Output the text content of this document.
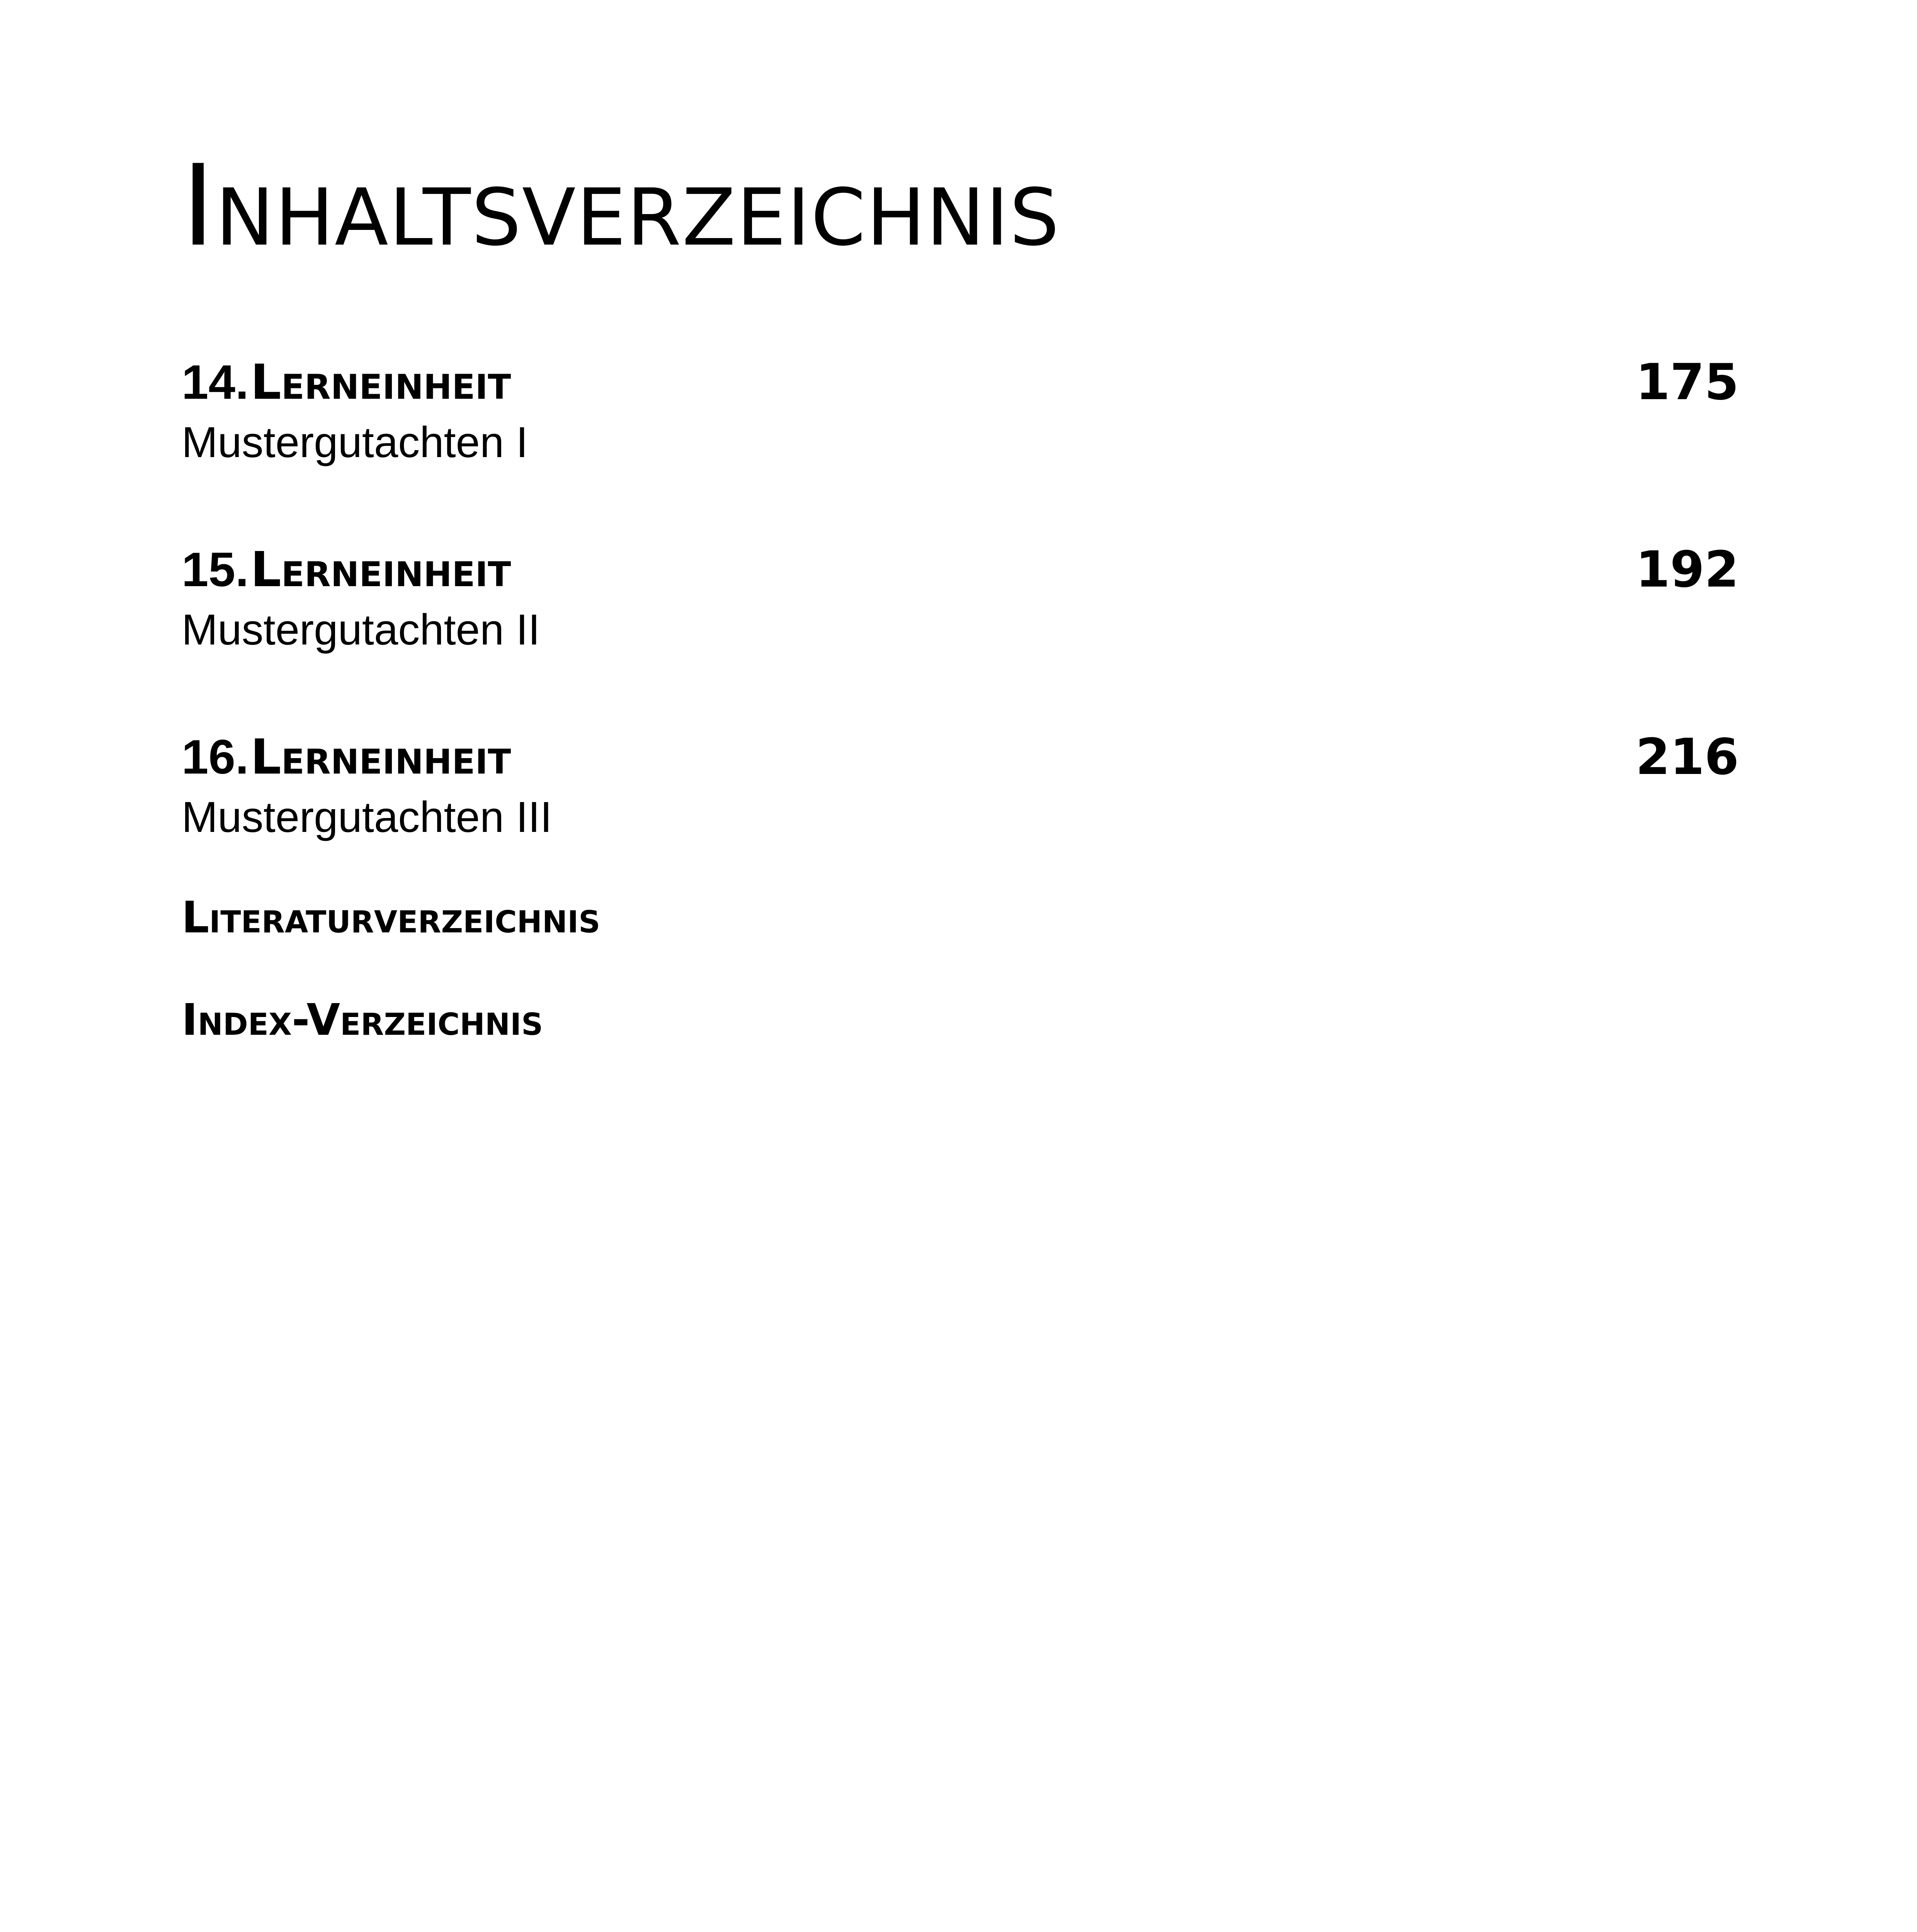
Inhaltsverzeichnis
14. Lerneinheit	175
Mustergutachten I
15. Lerneinheit	192
Mustergutachten II
16. Lerneinheit	216
Mustergutachten III
Literaturverzeichnis
Index-Verzeichnis
